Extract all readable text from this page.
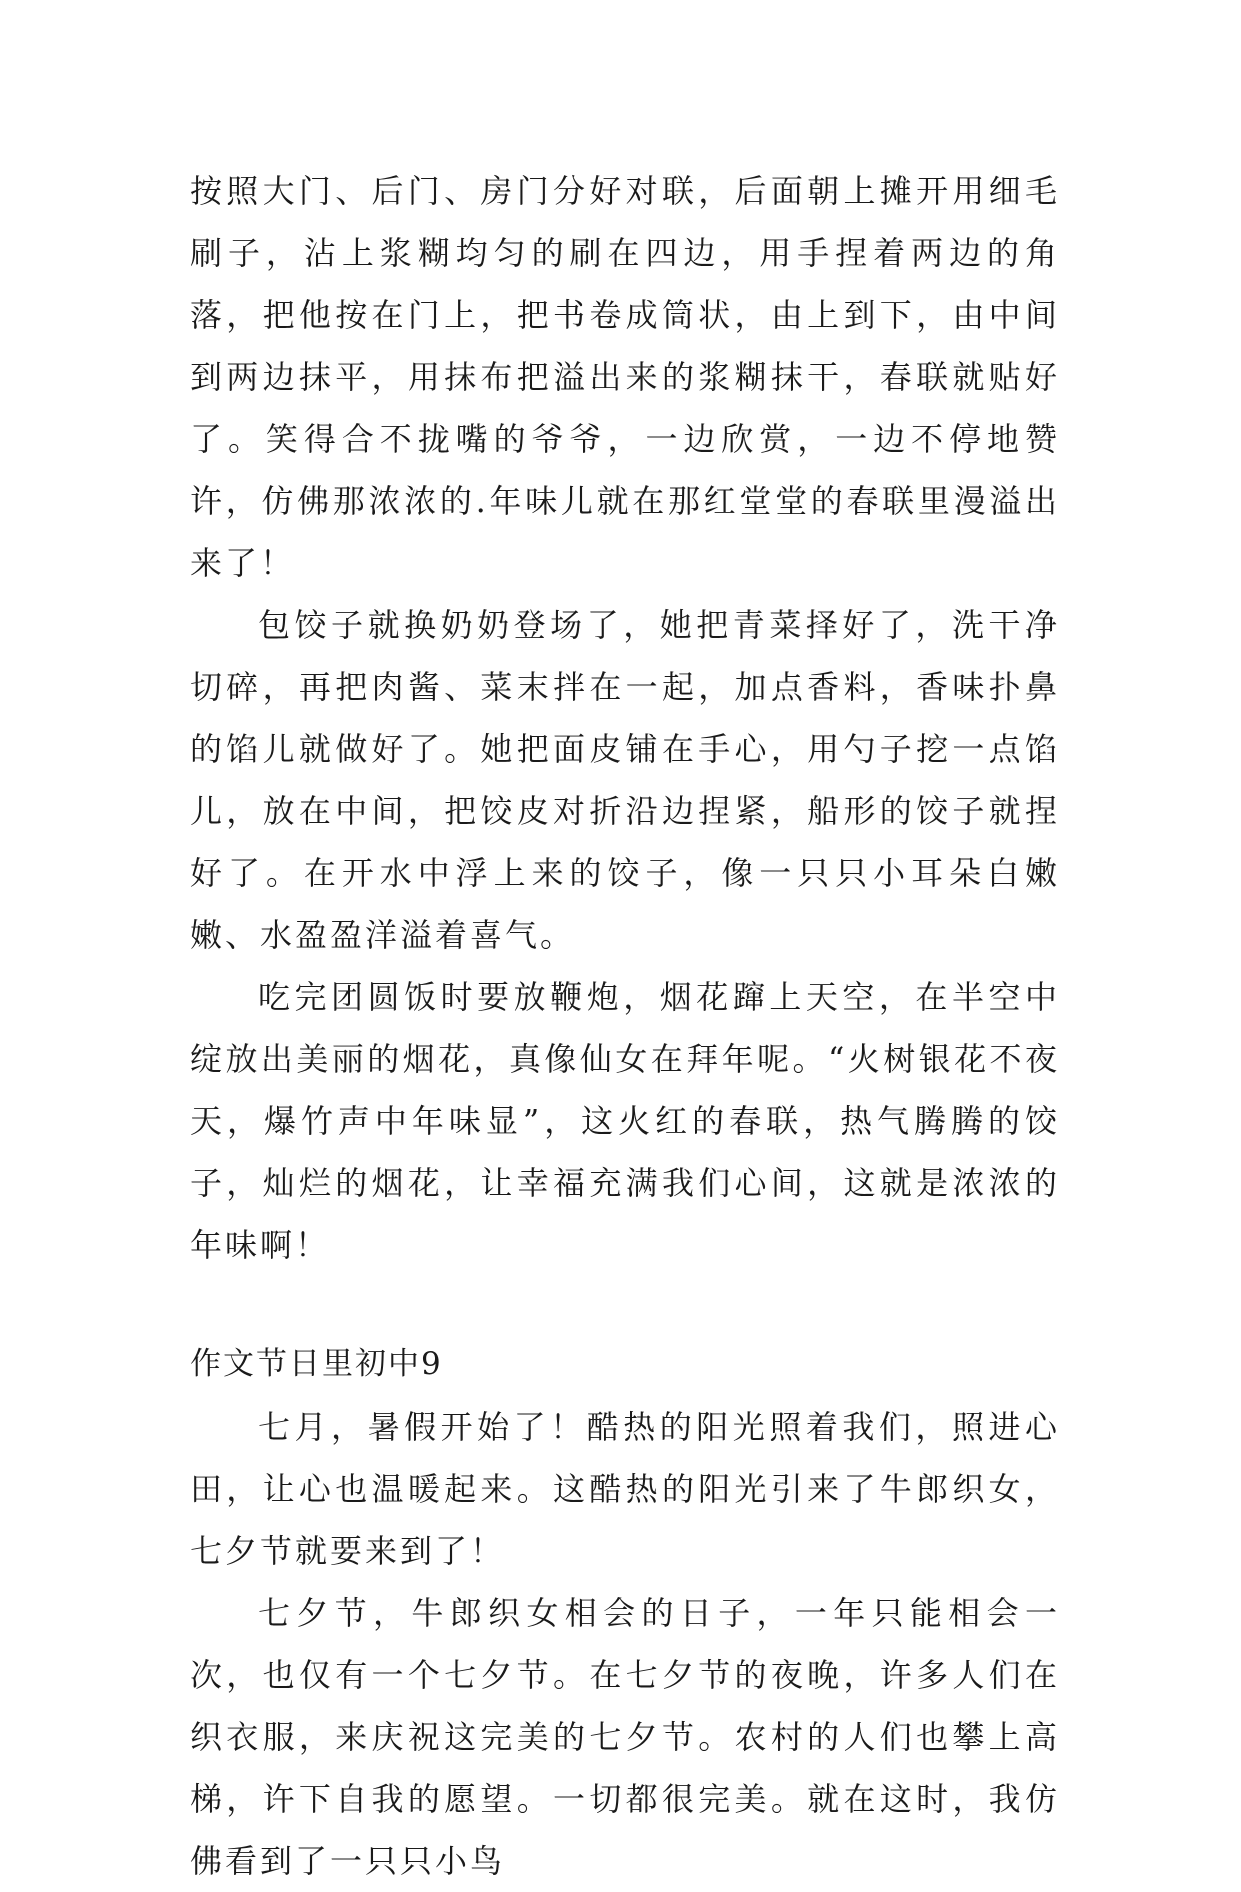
按照大门、后门、房门分好对联，后面朝上摊开用细毛刷子，沾上浆糊均匀的刷在四边，用手捏着两边的角落，把他按在门上，把书卷成筒状，由上到下，由中间到两边抹平，用抹布把溢出来的浆糊抹干，春联就贴好了。笑得合不拢嘴的爷爷，一边欣赏，一边不停地赞许，仿佛那浓浓的.年味儿就在那红堂堂的春联里漫溢出来了！

包饺子就换奶奶登场了，她把青菜择好了，洗干净切碎，再把肉酱、菜末拌在一起，加点香料，香味扑鼻的馅儿就做好了。她把面皮铺在手心，用勺子挖一点馅儿，放在中间，把饺皮对折沿边捏紧，船形的饺子就捏好了。在开水中浮上来的饺子，像一只只小耳朵白嫩嫩、水盈盈洋溢着喜气。

吃完团圆饭时要放鞭炮，烟花蹿上天空，在半空中绽放出美丽的烟花，真像仙女在拜年呢。“火树银花不夜天，爆竹声中年味显”，这火红的春联，热气腾腾的饺子，灿烂的烟花，让幸福充满我们心间，这就是浓浓的年味啊！

作文节日里初中9

七月，暑假开始了！酷热的阳光照着我们，照进心田，让心也温暖起来。这酷热的阳光引来了牛郎织女，七夕节就要来到了！

七夕节，牛郎织女相会的日子，一年只能相会一次，也仅有一个七夕节。在七夕节的夜晚，许多人们在织衣服，来庆祝这完美的七夕节。农村的人们也攀上高梯，许下自我的愿望。一切都很完美。就在这时，我仿佛看到了一只只小鸟
